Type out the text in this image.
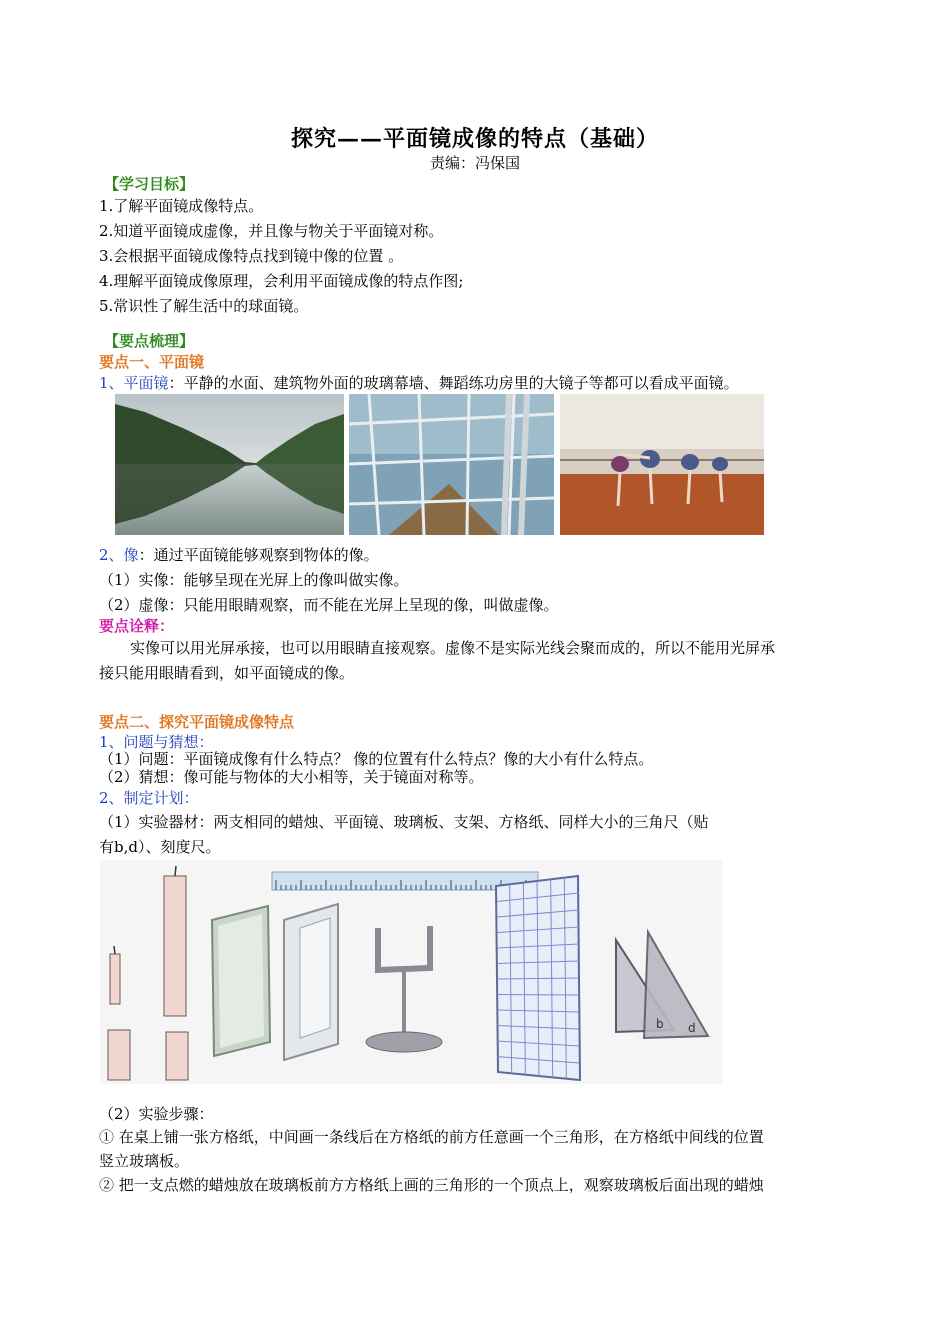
探究——平面镜成像的特点（基础）
责编：冯保国
【学习目标】
1.了解平面镜成像特点。
2.知道平面镜成虚像，并且像与物关于平面镜对称。
3.会根据平面镜成像特点找到镜中像的位置 。
4.理解平面镜成像原理，会利用平面镜成像的特点作图;
5.常识性了解生活中的球面镜。
【要点梳理】
要点一、平面镜
1、平面镜：平静的水面、建筑物外面的玻璃幕墙、舞蹈练功房里的大镜子等都可以看成平面镜。
2、像：通过平面镜能够观察到物体的像。
（1）实像：能够呈现在光屏上的像叫做实像。
（2）虚像：只能用眼睛观察，而不能在光屏上呈现的像，叫做虚像。
要点诠释：
实像可以用光屏承接，也可以用眼睛直接观察。虚像不是实际光线会聚而成的，所以不能用光屏承
接只能用眼睛看到，如平面镜成的像。
要点二、探究平面镜成像特点
1、问题与猜想：
（1）问题：平面镜成像有什么特点？ 像的位置有什么特点？像的大小有什么特点。
（2）猜想：像可能与物体的大小相等，关于镜面对称等。
2、制定计划：
（1）实验器材：两支相同的蜡烛、平面镜、玻璃板、支架、方格纸、同样大小的三角尺（贴
有b,d）、刻度尺。
b d
（2）实验步骤：
① 在桌上铺一张方格纸，中间画一条线后在方格纸的前方任意画一个三角形，在方格纸中间线的位置
竖立玻璃板。
② 把一支点燃的蜡烛放在玻璃板前方方格纸上画的三角形的一个顶点上，观察玻璃板后面出现的蜡烛
